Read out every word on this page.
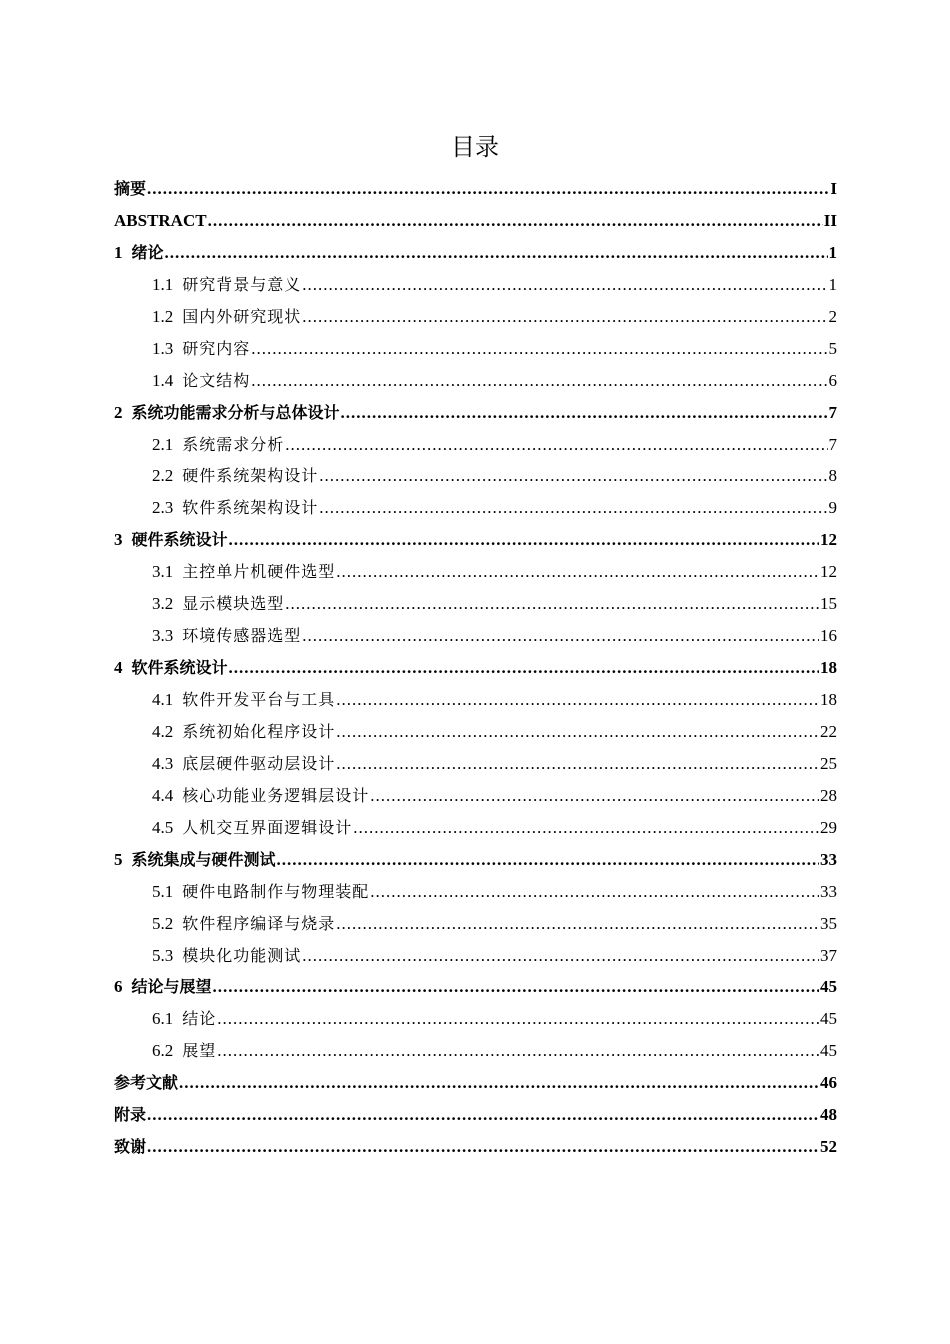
目录
摘要 .....	I
ABSTRACT .....	II
1 绪论 .....	1
1.1 研究背景与意义 .....	1
1.2 国内外研究现状 .....	2
1.3 研究内容 .....	5
1.4 论文结构 .....	6
2 系统功能需求分析与总体设计 .....	7
2.1 系统需求分析 .....	7
2.2 硬件系统架构设计 .....	8
2.3 软件系统架构设计 .....	9
3 硬件系统设计 .....	12
3.1 主控单片机硬件选型 .....	12
3.2 显示模块选型 .....	15
3.3 环境传感器选型 .....	16
4 软件系统设计 .....	18
4.1 软件开发平台与工具 .....	18
4.2 系统初始化程序设计 .....	22
4.3 底层硬件驱动层设计 .....	25
4.4 核心功能业务逻辑层设计 .....	28
4.5 人机交互界面逻辑设计 .....	29
5 系统集成与硬件测试 .....	33
5.1 硬件电路制作与物理装配 .....	33
5.2 软件程序编译与烧录 .....	35
5.3 模块化功能测试 .....	37
6 结论与展望 .....	45
6.1 结论 .....	45
6.2 展望 .....	45
参考文献 .....	46
附录 .....	48
致谢 .....	52
